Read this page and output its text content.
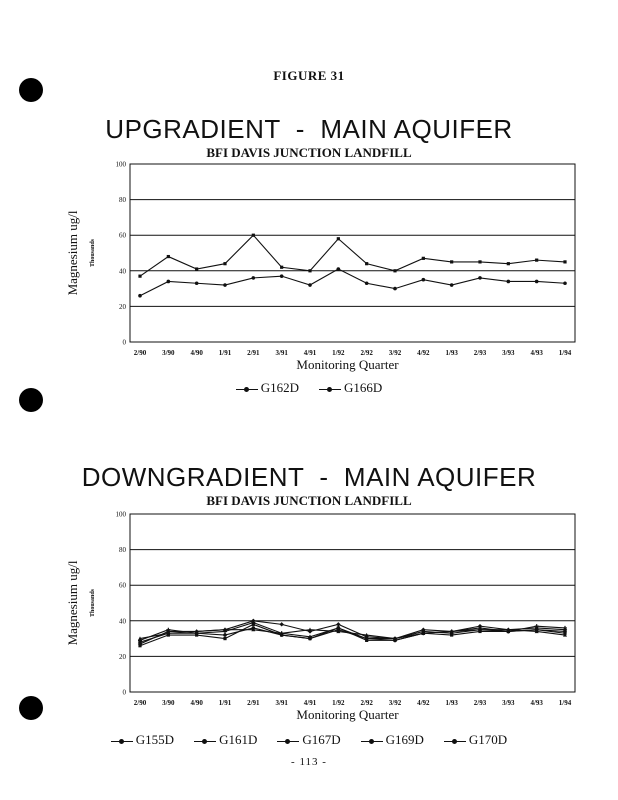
FIGURE 31
UPGRADIENT  -  MAIN AQUIFER
BFI DAVIS JUNCTION LANDFILL
0
20
40
60
80
100
2/90 3/90 4/90 1/91 2/91 3/91 4/91 1/92 2/92 3/92 4/92 1/93 2/93 3/93 4/93 1/94
Monitoring Quarter
Magnesium ug/l Thousands
G162D	G166D
DOWNGRADIENT  -  MAIN AQUIFER
BFI DAVIS JUNCTION LANDFILL
0
20
40
60
80
100
2/90 3/90 4/90 1/91 2/91 3/91 4/91 1/92 2/92 3/92 4/92 1/93 2/93 3/93 4/93 1/94
Monitoring Quarter
Magnesium ug/l Thousands
G155D	G161D	G167D	G169D	G170D
- 113 -
